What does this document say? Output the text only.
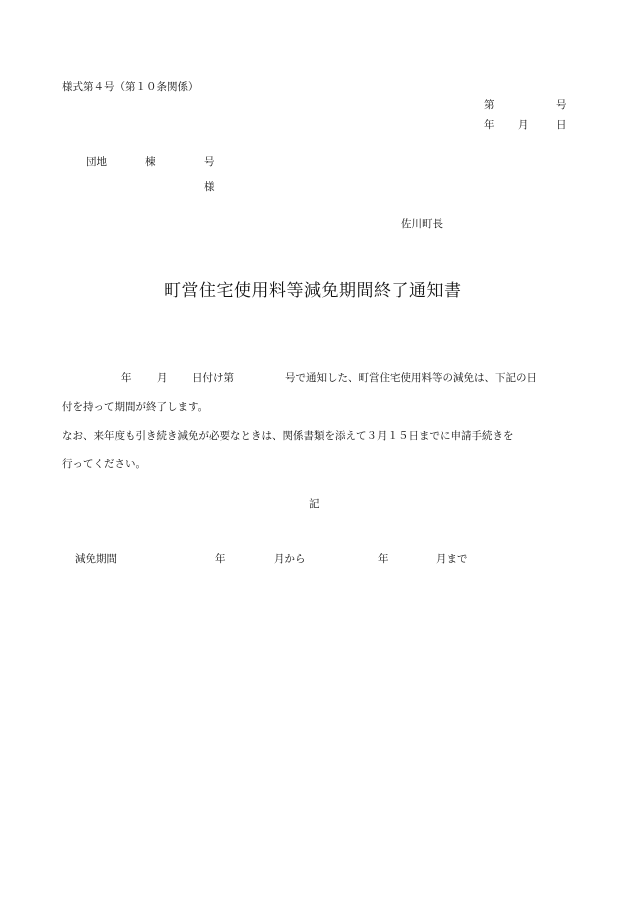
様式第４号（第１０条関係）
第	号
年 月	日
団地	棟	号
様
佐川町長
町営住宅使用料等減免期間終了通知書
年 月 日付け第	号で通知した、町営住宅使用料等の減免は、下記の日
付を持って期間が終了します。
なお、来年度も引き続き減免が必要なときは、関係書類を添えて３月１５日までに申請手続きを
行ってください。
記
減免期間	年	月から	年	月まで
